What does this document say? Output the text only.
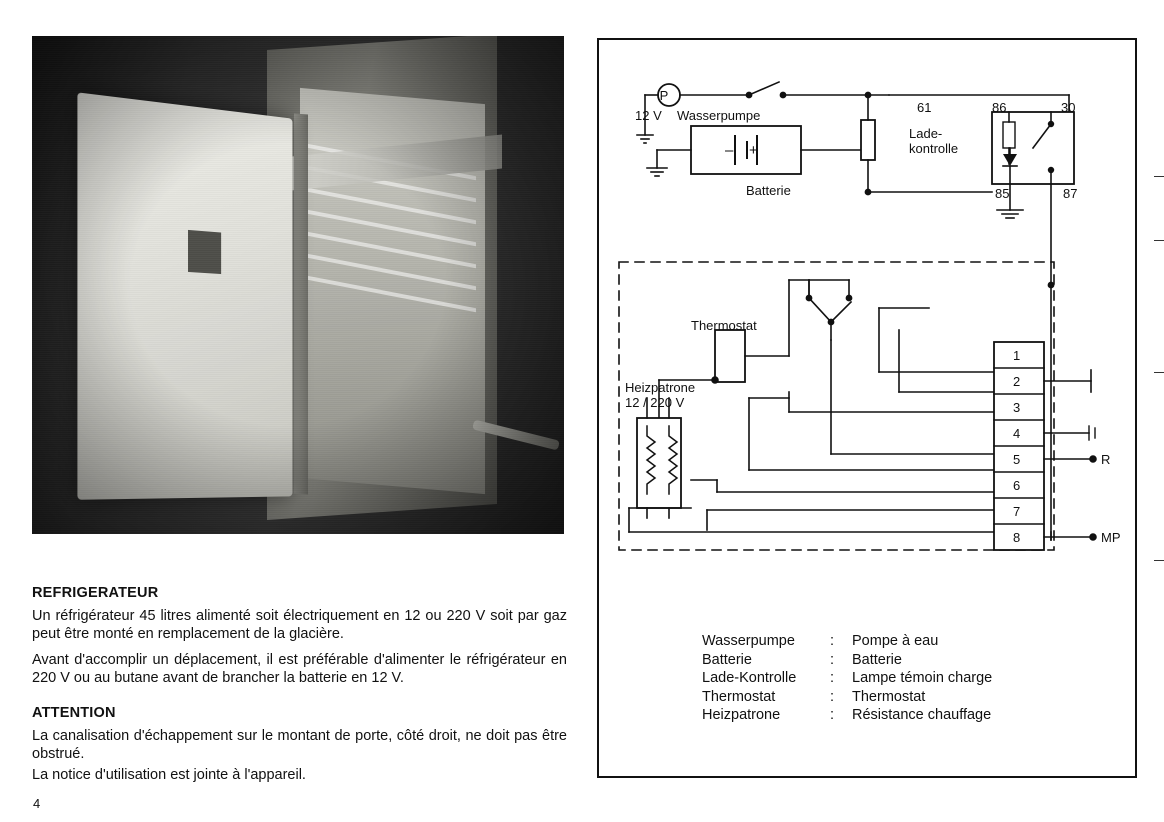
REFRIGERATEUR

Un réfrigérateur 45 litres alimenté soit électriquement en 12 ou 220 V soit par gaz peut être monté en remplacement de la glacière.

Avant d'accomplir un déplacement, il est préférable d'alimenter le réfrigérateur en 220 V ou au butane avant de brancher la batterie en 12 V.

ATTENTION

La canalisation d'échappement sur le montant de porte, côté droit, ne doit pas être obstrué.

La notice d'utilisation est jointe à l'appareil.

4
P
12 V Wasserpumpe
Batterie
– +
61	86	30
85	87
Lade-
kontrolle
Thermostat
Heizpatrone
12 / 220 V
1
2
3
4
5
6
7
8
R
MP
Wasserpumpe	:	Pompe à eau
Batterie	:	Batterie
Lade-Kontrolle	:	Lampe témoin charge
Thermostat	:	Thermostat
Heizpatrone	:	Résistance chauffage
